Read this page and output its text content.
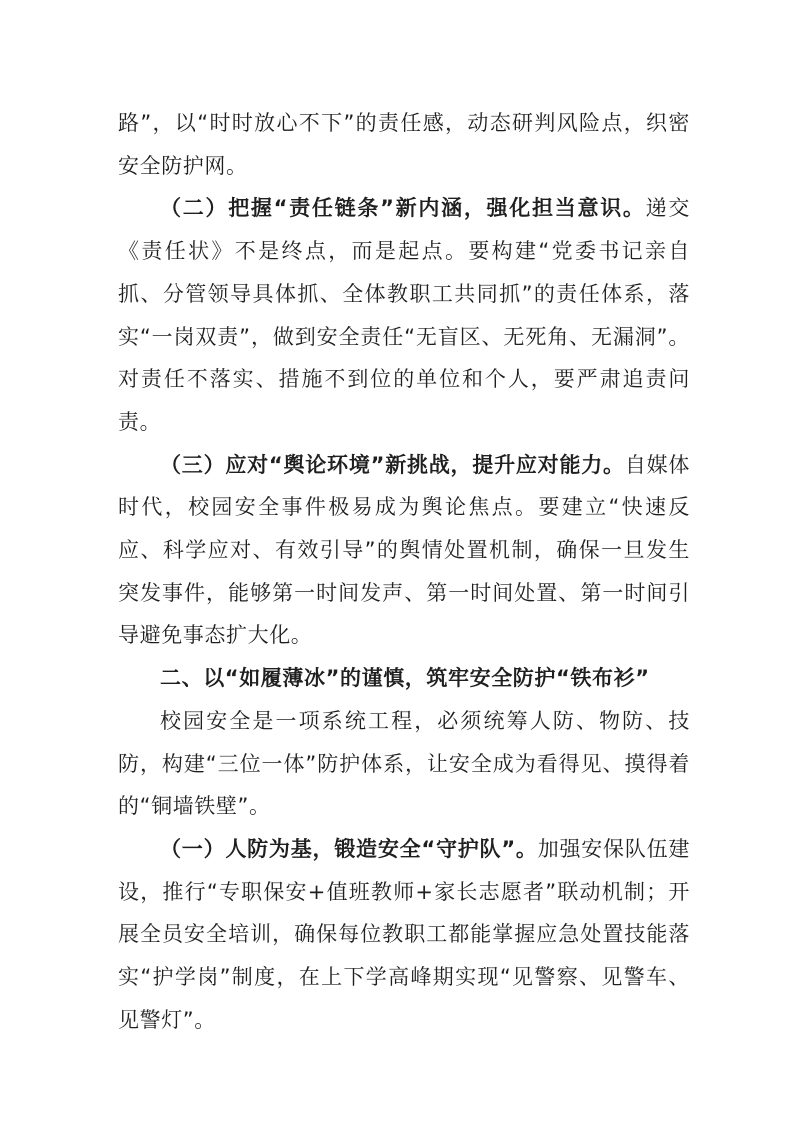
路”，以“时时放心不下”的责任感，动态研判风险点，织密安全防护网。

（二）把握“责任链条”新内涵，强化担当意识。递交《责任状》不是终点，而是起点。要构建“党委书记亲自抓、分管领导具体抓、全体教职工共同抓”的责任体系，落实“一岗双责”，做到安全责任“无盲区、无死角、无漏洞”。对责任不落实、措施不到位的单位和个人，要严肃追责问责。

（三）应对“舆论环境”新挑战，提升应对能力。自媒体时代，校园安全事件极易成为舆论焦点。要建立“快速反应、科学应对、有效引导”的舆情处置机制，确保一旦发生突发事件，能够第一时间发声、第一时间处置、第一时间引导避免事态扩大化。

二、以“如履薄冰”的谨慎，筑牢安全防护“铁布衫”

校园安全是一项系统工程，必须统筹人防、物防、技防，构建“三位一体”防护体系，让安全成为看得见、摸得着的“铜墙铁壁”。

（一）人防为基，锻造安全“守护队”。加强安保队伍建设，推行“专职保安+值班教师+家长志愿者”联动机制；开展全员安全培训，确保每位教职工都能掌握应急处置技能落实“护学岗”制度，在上下学高峰期实现“见警察、见警车、见警灯”。
